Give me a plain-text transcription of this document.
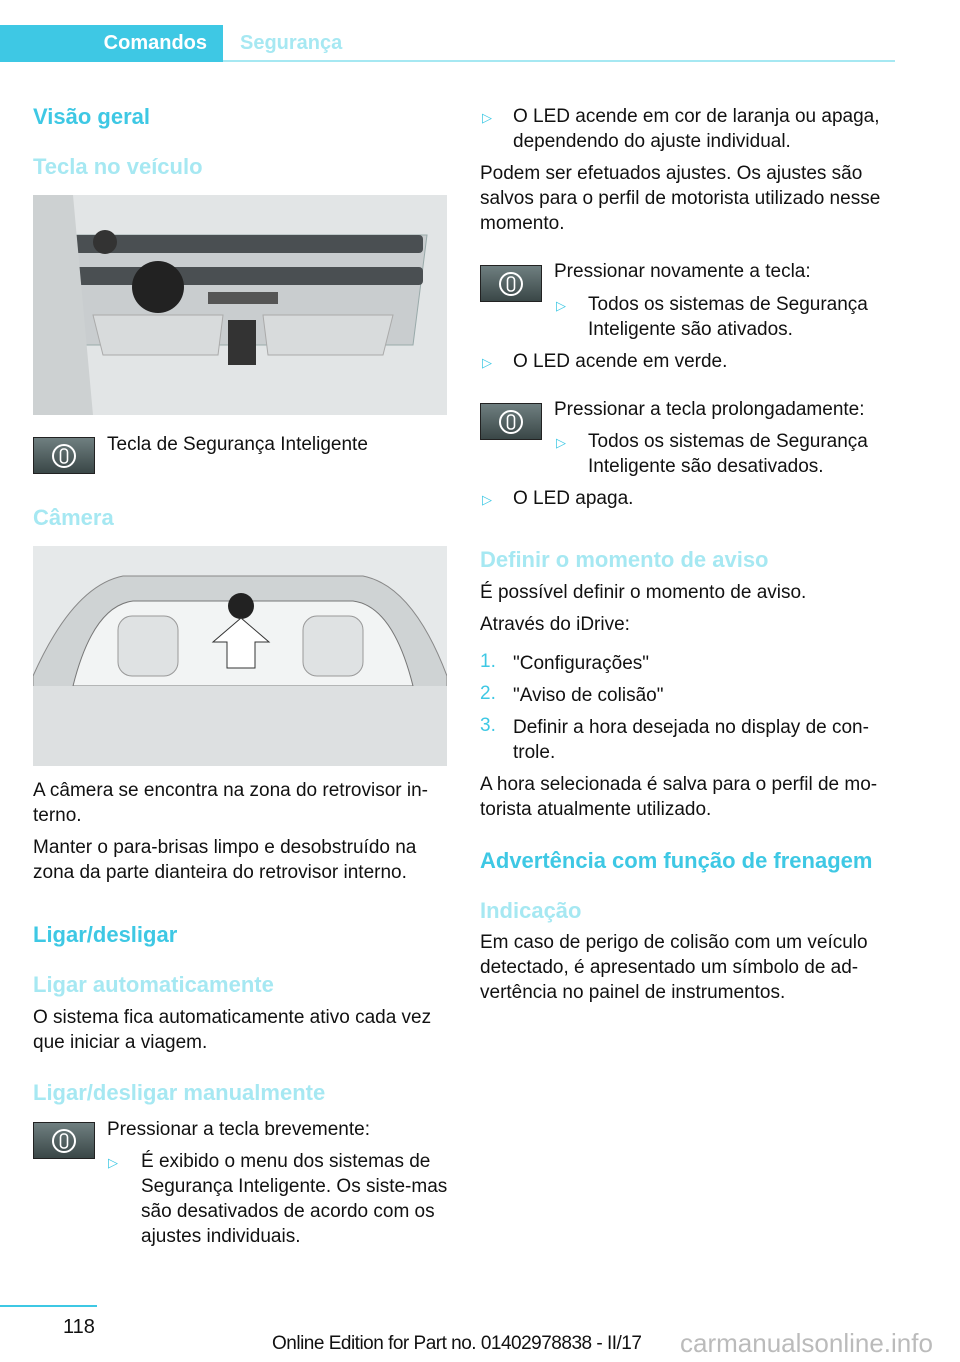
Comandos	Segurança
Visão geral
Tecla no veículo
Tecla de Segurança Inteligente
Câmera
A câmera se encontra na zona do retrovisor in-terno.
Manter o para-brisas limpo e desobstruído na zona da parte dianteira do retrovisor interno.
Ligar/desligar
Ligar automaticamente
O sistema fica automaticamente ativo cada vez que iniciar a viagem.
Ligar/desligar manualmente
Pressionar a tecla brevemente:
▷ É exibido o menu dos sistemas de Segurança Inteligente. Os siste-mas são desativados de acordo com os ajustes individuais.
▷ O LED acende em cor de laranja ou apaga, dependendo do ajuste individual.
Podem ser efetuados ajustes. Os ajustes são salvos para o perfil de motorista utilizado nesse momento.
Pressionar novamente a tecla:
▷ Todos os sistemas de Segurança Inteligente são ativados.
▷ O LED acende em verde.
Pressionar a tecla prolongadamente:
▷ Todos os sistemas de Segurança Inteligente são desativados.
▷ O LED apaga.
Definir o momento de aviso
É possível definir o momento de aviso.
Através do iDrive:
1. "Configurações"
2. "Aviso de colisão"
3. Definir a hora desejada no display de con-trole.
A hora selecionada é salva para o perfil de mo-torista atualmente utilizado.
Advertência com função de frenagem
Indicação
Em caso de perigo de colisão com um veículo detectado, é apresentado um símbolo de ad-vertência no painel de instrumentos.
118
Online Edition for Part no. 01402978838 - II/17 carmanualsonline.info
